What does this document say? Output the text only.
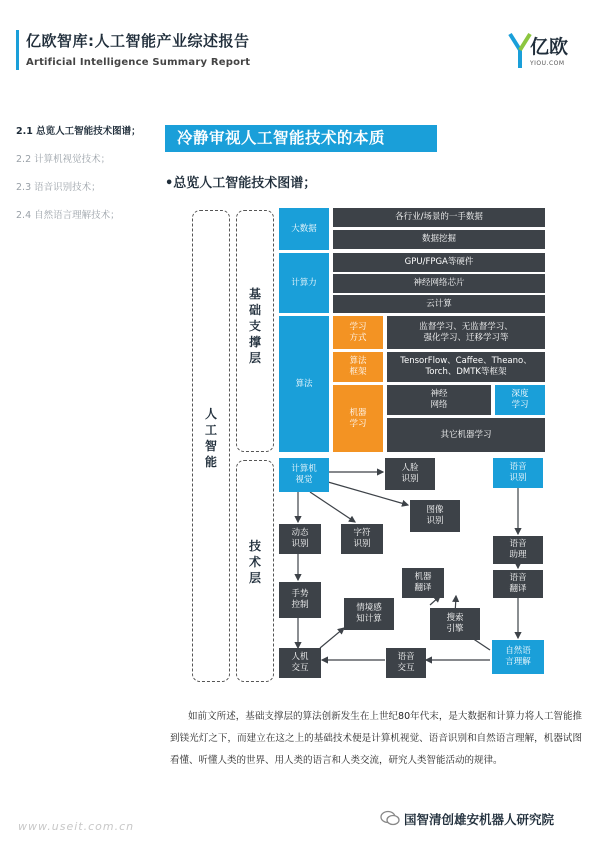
亿欧智库:人工智能产业综述报告
Artificial Intelligence Summary Report
亿欧
YIOU.COM
2.1 总览人工智能技术图谱；
2.2 计算机视觉技术；
2.3 语音识别技术；
2.4 自然语言理解技术；
冷静审视人工智能技术的本质
•总览人工智能技术图谱；
人工智能
基础支撑层
技术层
大数据
各行业/场景的一手数据
数据挖掘
计算力
GPU/FPGA等硬件
神经网络芯片
云计算
算法
学习
方式
监督学习、无监督学习、
强化学习、迁移学习等
算法
框架
TensorFlow、Caffee、Theano、
Torch、DMTK等框架
机器
学习
神经
网络
深度
学习
其它机器学习
计算机
视觉
人脸
识别
语音
识别
图像
识别
动态
识别
字符
识别	语音
助理
语音
翻译
机器
翻译
手势
控制	情境感
知计算	搜索
引擎
自然语
言理解
语音
交互
人机
交互
如前文所述，基础支撑层的算法创新发生在上世纪80年代末，是大数据和计算力将人工智能推到镁光灯之下，而建立在这之上的基础技术便是计算机视觉、语音识别和自然语言理解，机器试图看懂、听懂人类的世界、用人类的语言和人类交流，研究人类智能活动的规律。
www.useit.com.cn	国智清创雄安机器人研究院
